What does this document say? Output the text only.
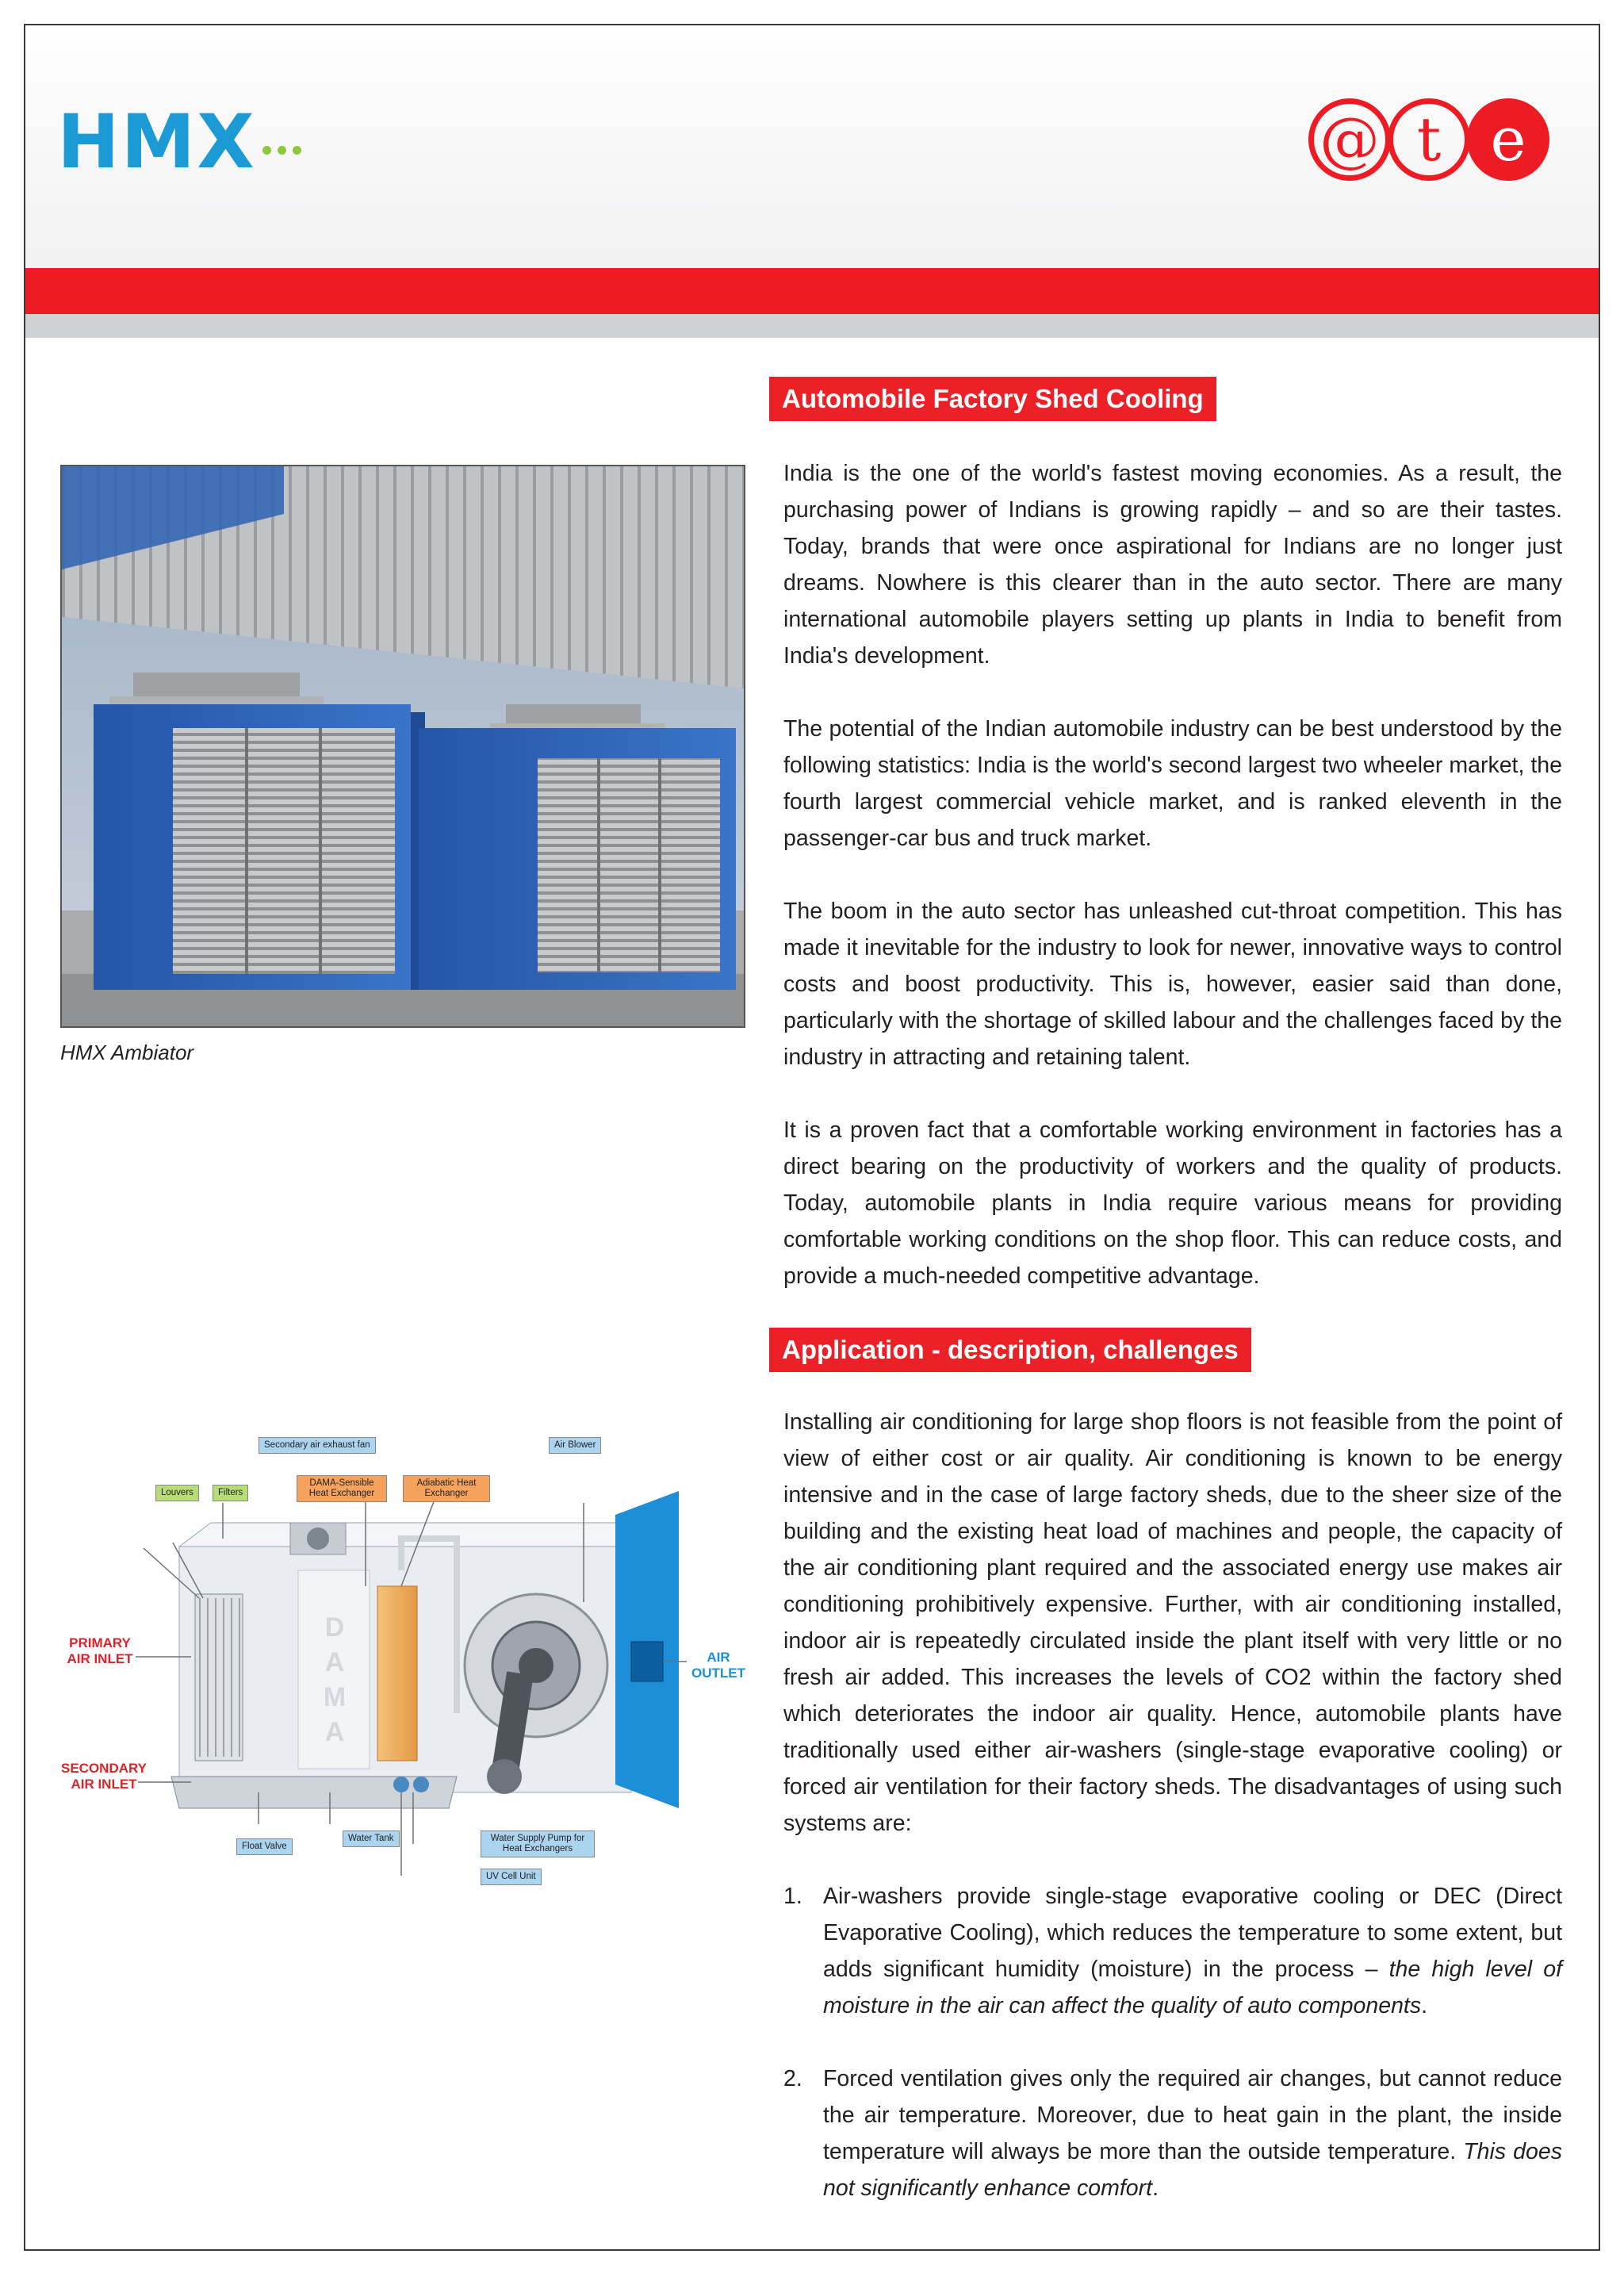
HMX	@ t e
Automobile Factory Shed Cooling

India is the one of the world's fastest moving economies. As a result, the purchasing power of Indians is growing rapidly – and so are their tastes. Today, brands that were once aspirational for Indians are no longer just dreams. Nowhere is this clearer than in the auto sector. There are many international automobile players setting up plants in India to benefit from India's development.

The potential of the Indian automobile industry can be best understood by the following statistics: India is the world's second largest two wheeler market, the fourth largest commercial vehicle market, and is ranked eleventh in the passenger-car bus and truck market.

The boom in the auto sector has unleashed cut-throat competition. This has made it inevitable for the industry to look for newer, innovative ways to control costs and boost productivity. This is, however, easier said than done, particularly with the shortage of skilled labour and the challenges faced by the industry in attracting and retaining talent.

It is a proven fact that a comfortable working environment in factories has a direct bearing on the productivity of workers and the quality of products. Today, automobile plants in India require various means for providing comfortable working conditions on the shop floor. This can reduce costs, and provide a much-needed competitive advantage.

Application - description, challenges

Installing air conditioning for large shop floors is not feasible from the point of view of either cost or air quality. Air conditioning is known to be energy intensive and in the case of large factory sheds, due to the sheer size of the building and the existing heat load of machines and people, the capacity of the air conditioning plant required and the associated energy use makes air conditioning prohibitively expensive. Further, with air conditioning installed, indoor air is repeatedly circulated inside the plant itself with very little or no fresh air added. This increases the levels of CO2 within the factory shed which deteriorates the indoor air quality. Hence, automobile plants have traditionally used either air-washers (single-stage evaporative cooling) or forced air ventilation for their factory sheds. The disadvantages of using such systems are:

1. Air-washers provide single-stage evaporative cooling or DEC (Direct Evaporative Cooling), which reduces the temperature to some extent, but adds significant humidity (moisture) in the process – the high level of moisture in the air can affect the quality of auto components.
2. Forced ventilation gives only the required air changes, but cannot reduce the air temperature. Moreover, due to heat gain in the plant, the inside temperature will always be more than the outside temperature. This does not significantly enhance comfort.
HMX Ambiator
Secondary air exhaust fan	Air Blower
Louvers	Filters
DAMA-Sensible Heat Exchanger
Adiabatic Heat Exchanger
PRIMARY AIR INLET
SECONDARY AIR INLET
AIR OUTLET
Float Valve
Water Tank	Water Supply Pump for Heat Exchangers
UV Cell Unit
DAMA
